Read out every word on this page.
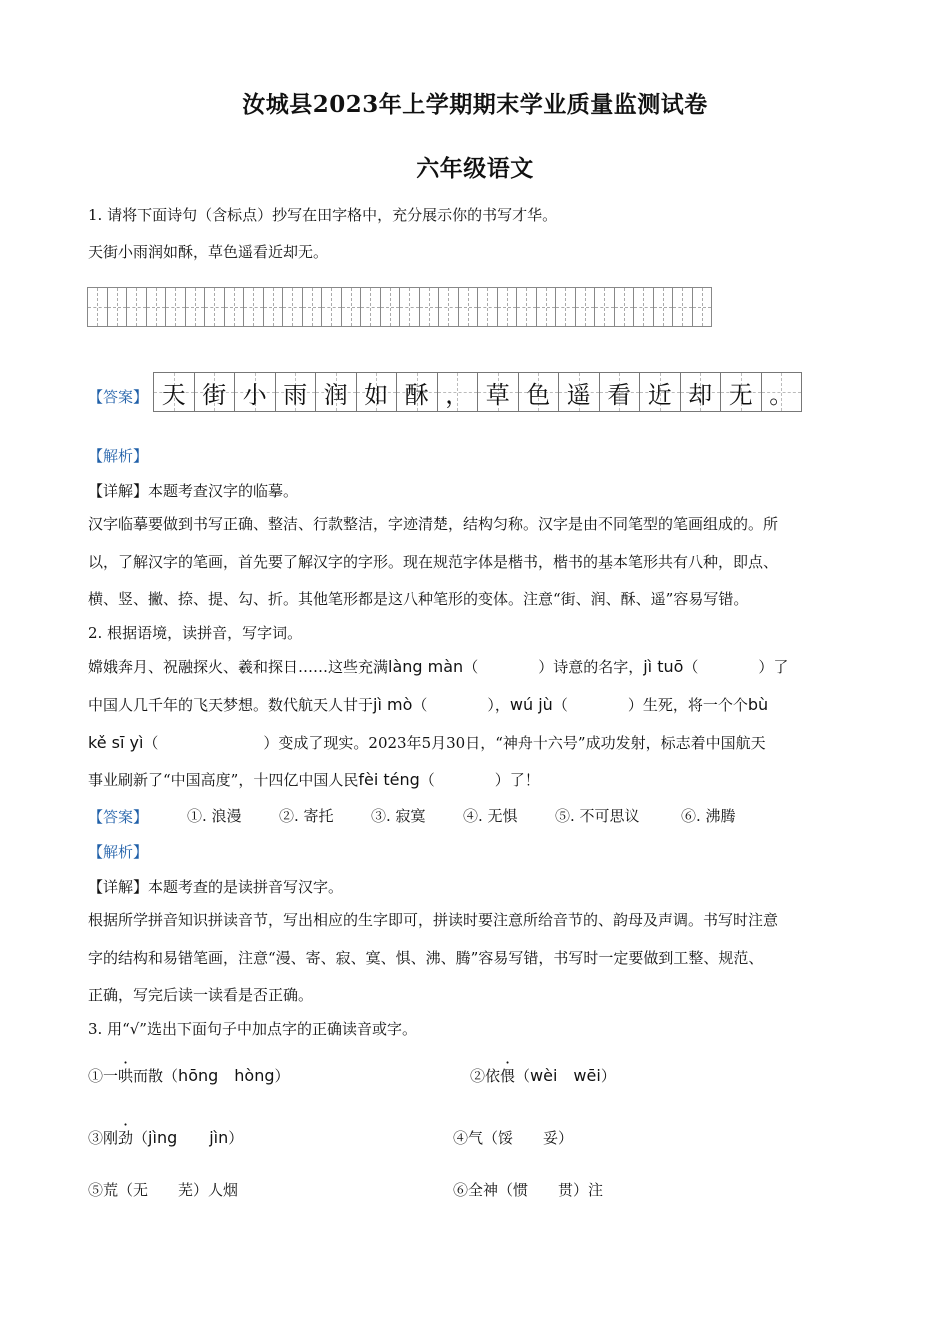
汝城县2023年上学期期末学业质量监测试卷
六年级语文
1. 请将下面诗句（含标点）抄写在田字格中，充分展示你的书写才华。
天街小雨润如酥，草色遥看近却无。
【答案】 天 街 小 雨 润 如 酥 ， 草 色 遥 看 近 却 无 。
【解析】
【详解】本题考查汉字的临摹。
汉字临摹要做到书写正确、整洁、行款整洁，字迹清楚，结构匀称。汉字是由不同笔型的笔画组成的。所
以，了解汉字的笔画，首先要了解汉字的字形。现在规范字体是楷书，楷书的基本笔形共有八种，即点、
横、竖、撇、捺、提、勾、折。其他笔形都是这八种笔形的变体。注意“街、润、酥、遥”容易写错。
2. 根据语境，读拼音，写字词。
嫦娥奔月、祝融探火、羲和探日……这些充满làng màn（　　　　）诗意的名字，jì tuō（　　　　）了
中国人几千年的飞天梦想。数代航天人甘于jì mò（　　　　），wú jù（　　　　）生死，将一个个bù
kě sī yì（　　　　　　　）变成了现实。2023年5月30日，“神舟十六号”成功发射，标志着中国航天
事业刷新了“中国高度”，十四亿中国人民fèi téng（　　　　）了！
【答案】	①. 浪漫 ②. 寄托 ③. 寂寞 ④. 无惧 ⑤. 不可思议	⑥. 沸腾
【解析】
【详解】本题考查的是读拼音写汉字。
根据所学拼音知识拼读音节，写出相应的生字即可，拼读时要注意所给音节的、韵母及声调。书写时注意
字的结构和易错笔画，注意“漫、寄、寂、寞、惧、沸、腾”容易写错，书写时一定要做到工整、规范、
正确，写完后读一读看是否正确。
3. 用“√”选出下面句子中加点字的正确读音或字。
①一哄而散（hōng　hòng）	②依偎（wèi　wēi）
③刚劲（jìng　　jìn）	④气（馁　　妥）
⑤荒（无　　芜）人烟	⑥全神（惯　　贯）注
